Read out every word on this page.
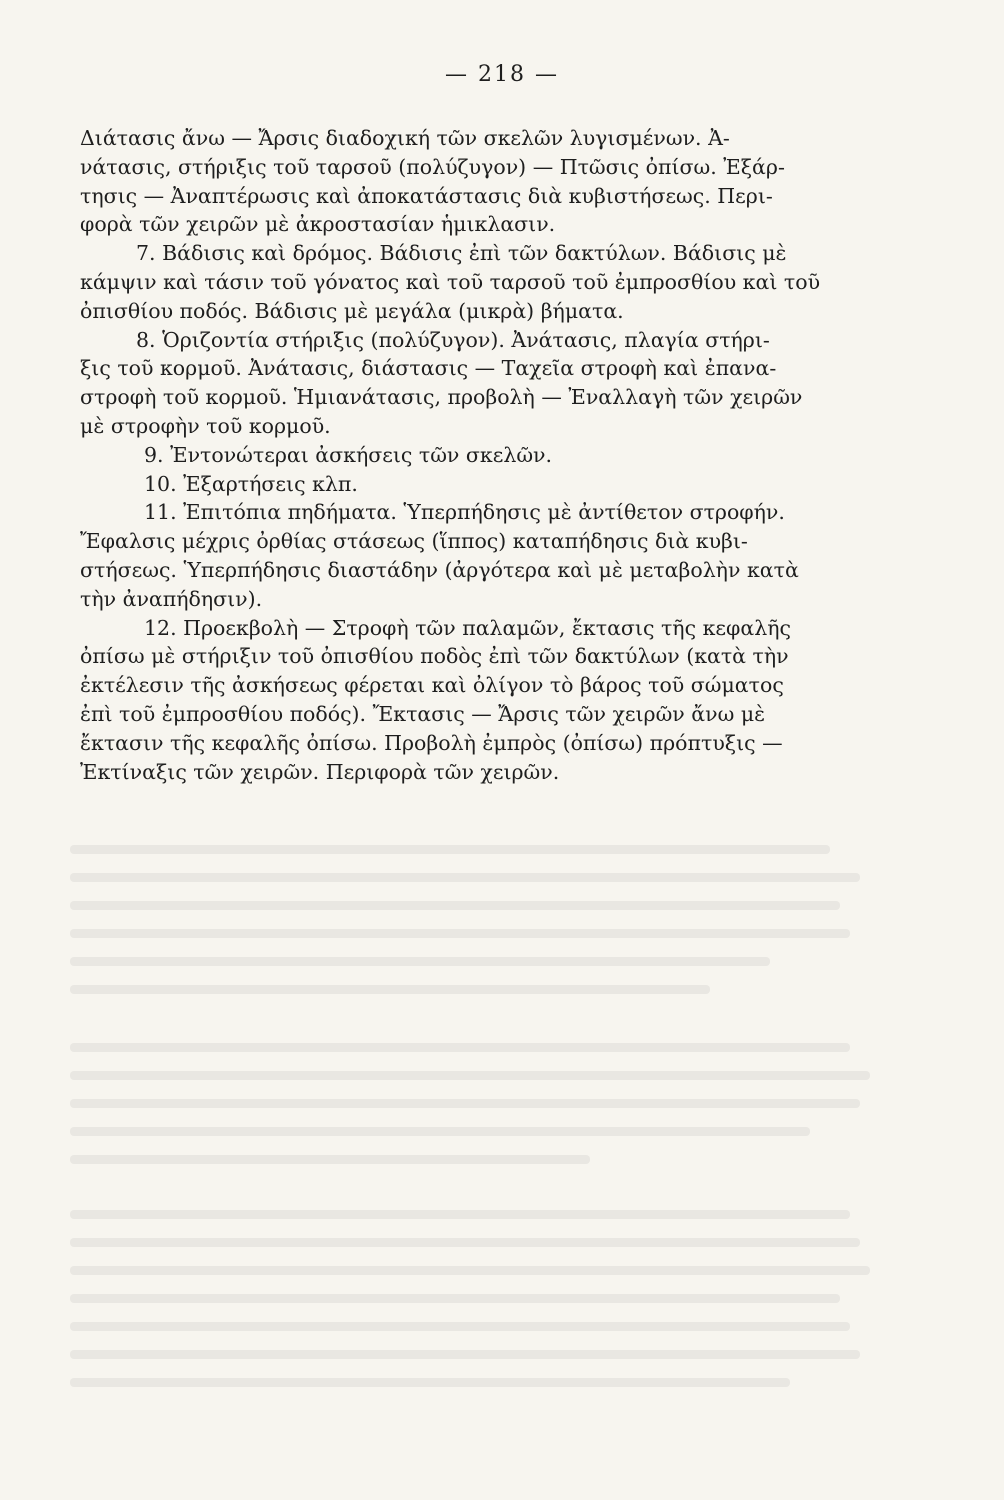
— 218 —
Διάτασις ἄνω — Ἄρσις διαδοχική τῶν σκελῶν λυγισμένων. Ἀ-
νάτασις, στήριξις τοῦ ταρσοῦ (πολύζυγον) — Πτῶσις ὀπίσω. Ἐξάρ-
τησις — Ἀναπτέρωσις καὶ ἀποκατάστασις διὰ κυβιστήσεως. Περι-
φορὰ τῶν χειρῶν μὲ ἀκροστασίαν ἡμικλασιν.
7. Βάδισις καὶ δρόμος. Βάδισις ἐπὶ τῶν δακτύλων. Βάδισις μὲ
κάμψιν καὶ τάσιν τοῦ γόνατος καὶ τοῦ ταρσοῦ τοῦ ἐμπροσθίου καὶ τοῦ
ὀπισθίου ποδός. Βάδισις μὲ μεγάλα (μικρὰ) βήματα.
8. Ὁριζοντία στήριξις (πολύζυγον). Ἀνάτασις, πλαγία στήρι-
ξις τοῦ κορμοῦ. Ἀνάτασις, διάστασις — Ταχεῖα στροφὴ καὶ ἐπανα-
στροφὴ τοῦ κορμοῦ. Ἡμιανάτασις, προβολὴ — Ἐναλλαγὴ τῶν χειρῶν
μὲ στροφὴν τοῦ κορμοῦ.
9. Ἐντονώτεραι ἀσκήσεις τῶν σκελῶν.
10. Ἐξαρτήσεις κλπ.
11. Ἐπιτόπια πηδήματα. Ὑπερπήδησις μὲ ἀντίθετον στροφήν.
Ἔφαλσις μέχρις ὀρθίας στάσεως (ἵππος) καταπήδησις διὰ κυβι-
στήσεως. Ὑπερπήδησις διαστάδην (ἀργότερα καὶ μὲ μεταβολὴν κατὰ
τὴν ἀναπήδησιν).
12. Προεκβολὴ — Στροφὴ τῶν παλαμῶν, ἔκτασις τῆς κεφαλῆς
ὀπίσω μὲ στήριξιν τοῦ ὀπισθίου ποδὸς ἐπὶ τῶν δακτύλων (κατὰ τὴν
ἐκτέλεσιν τῆς ἀσκήσεως φέρεται καὶ ὀλίγον τὸ βάρος τοῦ σώματος
ἐπὶ τοῦ ἐμπροσθίου ποδός). Ἔκτασις — Ἄρσις τῶν χειρῶν ἄνω μὲ
ἔκτασιν τῆς κεφαλῆς ὀπίσω. Προβολὴ ἐμπρὸς (ὀπίσω) πρόπτυξις —
Ἐκτίναξις τῶν χειρῶν. Περιφορὰ τῶν χειρῶν.
